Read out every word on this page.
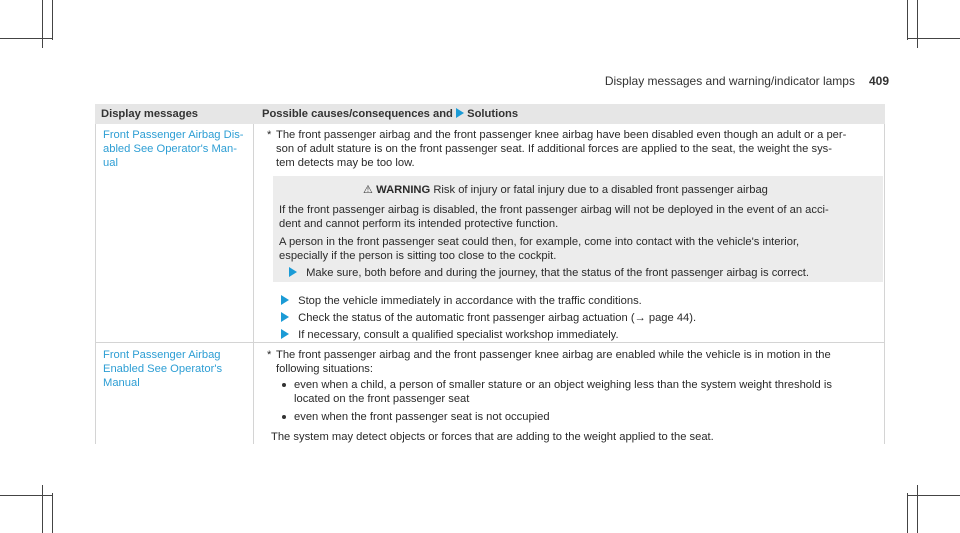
Display messages and warning/indicator lamps 409
Display messages	Possible causes/consequences and Solutions
Front Passenger Airbag Dis-
abled See Operator's Man-
ual
* The front passenger airbag and the front passenger knee airbag have been disabled even though an adult or a per-
son of adult stature is on the front passenger seat. If additional forces are applied to the seat, the weight the sys-
tem detects may be too low.
⚠ WARNING Risk of injury or fatal injury due to a disabled front passenger airbag
If the front passenger airbag is disabled, the front passenger airbag will not be deployed in the event of an acci-
dent and cannot perform its intended protective function.
A person in the front passenger seat could then, for example, come into contact with the vehicle's interior,
especially if the person is sitting too close to the cockpit.
Make sure, both before and during the journey, that the status of the front passenger airbag is correct.
Stop the vehicle immediately in accordance with the traffic conditions.
Check the status of the automatic front passenger airbag actuation (→ page 44).
If necessary, consult a qualified specialist workshop immediately.
Front Passenger Airbag
Enabled See Operator's
Manual
* The front passenger airbag and the front passenger knee airbag are enabled while the vehicle is in motion in the
following situations:
even when a child, a person of smaller stature or an object weighing less than the system weight threshold is
located on the front passenger seat
even when the front passenger seat is not occupied
The system may detect objects or forces that are adding to the weight applied to the seat.
